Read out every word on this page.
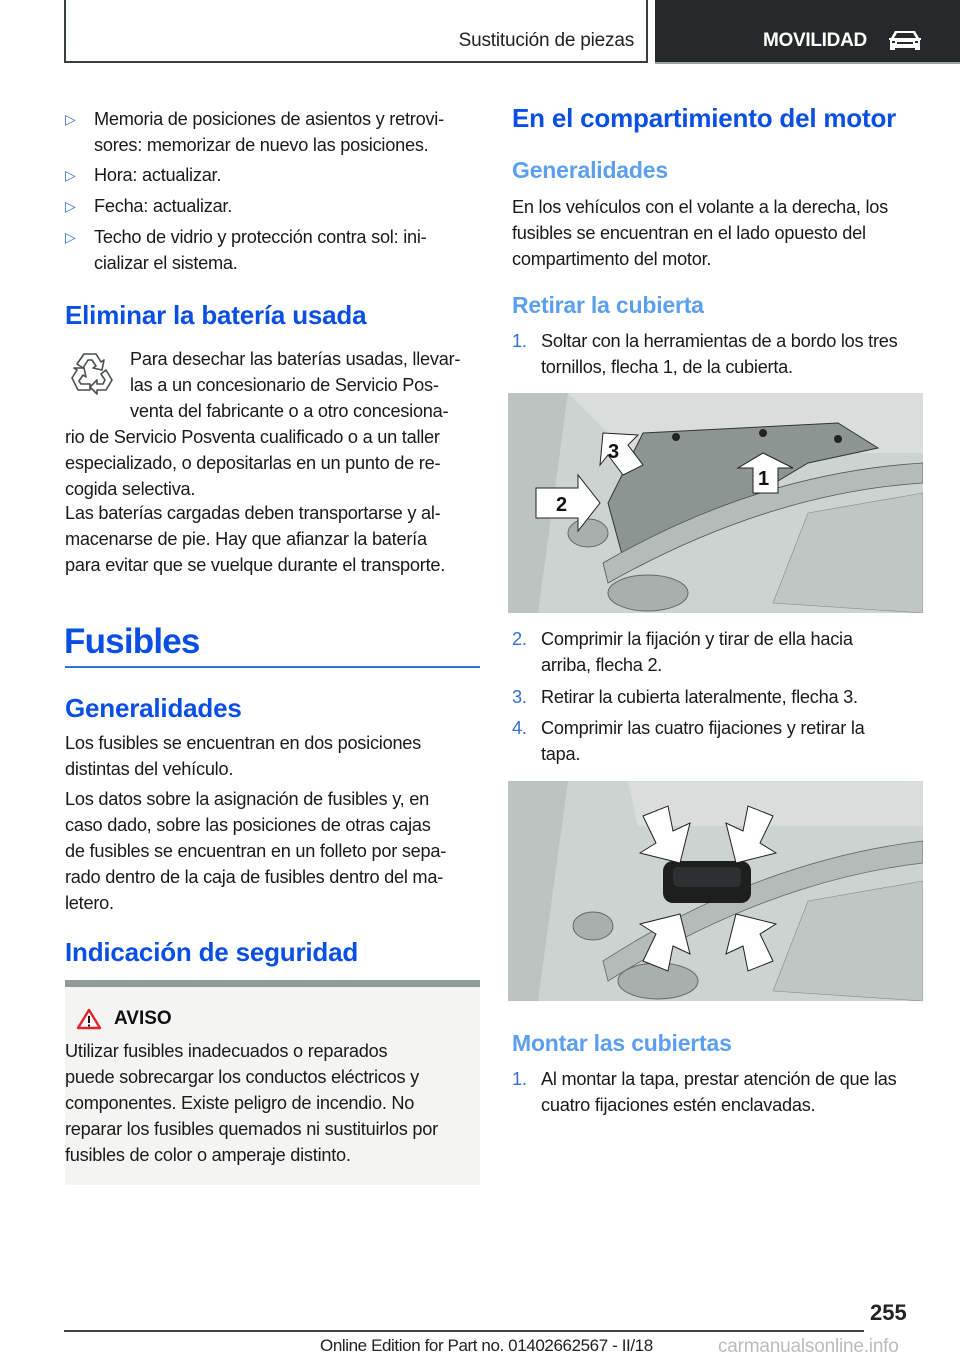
Sustitución de piezas	MOVILIDAD
▷	Memoria de posiciones de asientos y retrovi-
sores: memorizar de nuevo las posiciones.
▷	Hora: actualizar.
▷	Fecha: actualizar.
▷	Techo de vidrio y protección contra sol: ini-
cializar el sistema.
Eliminar la batería usada
Para desechar las baterías usadas, llevar-
las a un concesionario de Servicio Pos-
venta del fabricante o a otro concesiona-
rio de Servicio Posventa cualificado o a un taller
especializado, o depositarlas en un punto de re-
cogida selectiva.
Las baterías cargadas deben transportarse y al-
macenarse de pie. Hay que afianzar la batería
para evitar que se vuelque durante el transporte.
Fusibles
Generalidades
Los fusibles se encuentran en dos posiciones
distintas del vehículo.
Los datos sobre la asignación de fusibles y, en
caso dado, sobre las posiciones de otras cajas
de fusibles se encuentran en un folleto por sepa-
rado dentro de la caja de fusibles dentro del ma-
letero.
Indicación de seguridad
AVISO
Utilizar fusibles inadecuados o reparados
puede sobrecargar los conductos eléctricos y
componentes. Existe peligro de incendio. No
reparar los fusibles quemados ni sustituirlos por
fusibles de color o amperaje distinto.
En el compartimiento del motor
Generalidades
En los vehículos con el volante a la derecha, los
fusibles se encuentran en el lado opuesto del
compartimento del motor.
Retirar la cubierta
1. Soltar con la herramientas de a bordo los tres
tornillos, flecha 1, de la cubierta.
1
2
3
2. Comprimir la fijación y tirar de ella hacia
arriba, flecha 2.
3. Retirar la cubierta lateralmente, flecha 3.
4. Comprimir las cuatro fijaciones y retirar la
tapa.
Montar las cubiertas
1. Al montar la tapa, prestar atención de que las
cuatro fijaciones estén enclavadas.
255
Online Edition for Part no. 01402662567 - II/18	carmanualsonline.info
